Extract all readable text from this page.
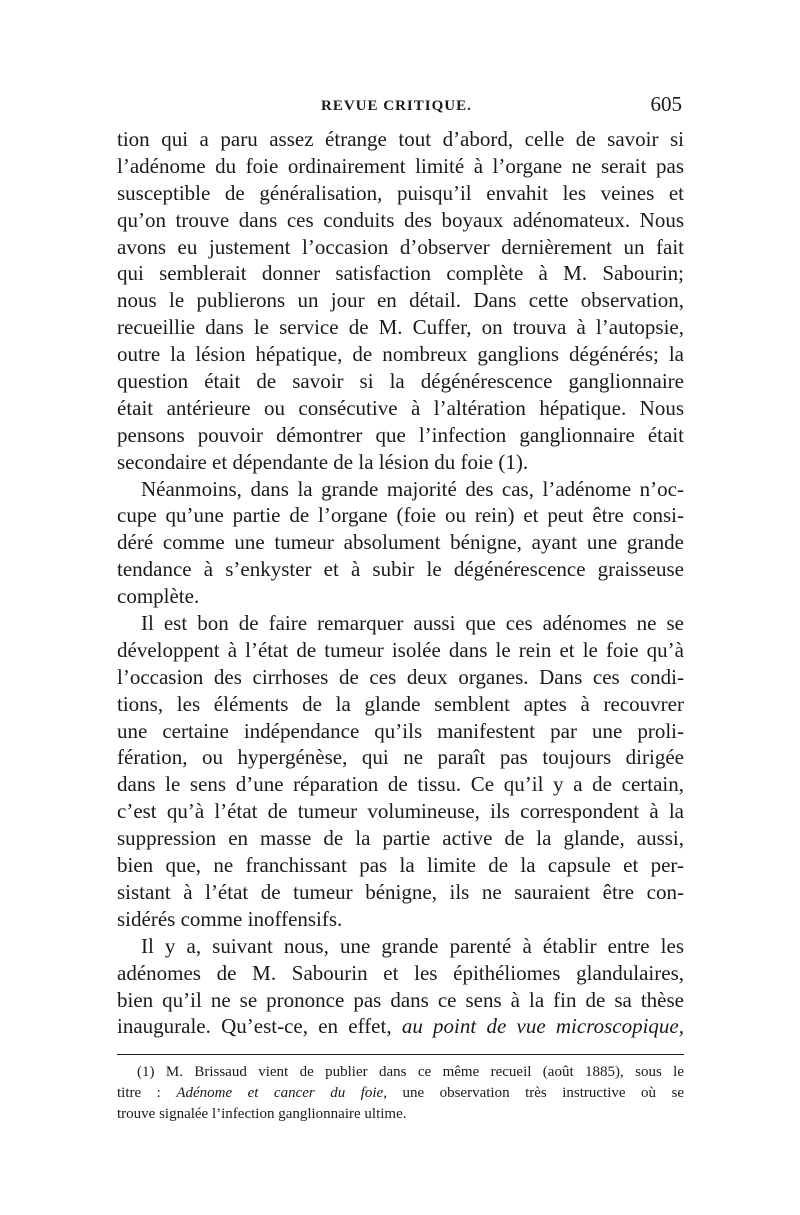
REVUE CRITIQUE.	605
tion qui a paru assez étrange tout d’abord, celle de savoir si
l’adénome du foie ordinairement limité à l’organe ne serait pas
susceptible de généralisation, puisqu’il envahit les veines et
qu’on trouve dans ces conduits des boyaux adénomateux. Nous
avons eu justement l’occasion d’observer dernièrement un fait
qui semblerait donner satisfaction complète à M. Sabourin;
nous le publierons un jour en détail. Dans cette observation,
recueillie dans le service de M. Cuffer, on trouva à l’autopsie,
outre la lésion hépatique, de nombreux ganglions dégénérés; la
question était de savoir si la dégénérescence ganglionnaire
était antérieure ou consécutive à l’altération hépatique. Nous
pensons pouvoir démontrer que l’infection ganglionnaire était
secondaire et dépendante de la lésion du foie (1).
Néanmoins, dans la grande majorité des cas, l’adénome n’oc-
cupe qu’une partie de l’organe (foie ou rein) et peut être consi-
déré comme une tumeur absolument bénigne, ayant une grande
tendance à s’enkyster et à subir le dégénérescence graisseuse
complète.
Il est bon de faire remarquer aussi que ces adénomes ne se
développent à l’état de tumeur isolée dans le rein et le foie qu’à
l’occasion des cirrhoses de ces deux organes. Dans ces condi-
tions, les éléments de la glande semblent aptes à recouvrer
une certaine indépendance qu’ils manifestent par une proli-
fération, ou hypergénèse, qui ne paraît pas toujours dirigée
dans le sens d’une réparation de tissu. Ce qu’il y a de certain,
c’est qu’à l’état de tumeur volumineuse, ils correspondent à la
suppression en masse de la partie active de la glande, aussi,
bien que, ne franchissant pas la limite de la capsule et per-
sistant à l’état de tumeur bénigne, ils ne sauraient être con-
sidérés comme inoffensifs.
Il y a, suivant nous, une grande parenté à établir entre les
adénomes de M. Sabourin et les épithéliomes glandulaires,
bien qu’il ne se prononce pas dans ce sens à la fin de sa thèse
inaugurale. Qu’est-ce, en effet, au point de vue microscopique,
(1) M. Brissaud vient de publier dans ce même recueil (août 1885), sous le
titre : Adénome et cancer du foie, une observation très instructive où se
trouve signalée l’infection ganglionnaire ultime.
